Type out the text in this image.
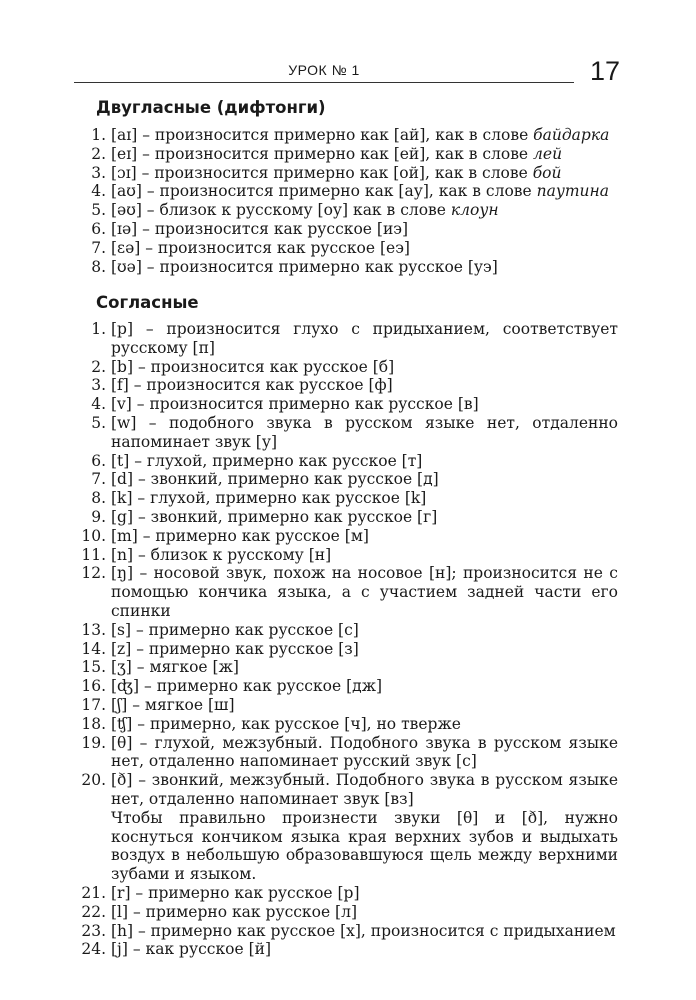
УРОК № 1	17
Двугласные (дифтонги)
1. [aɪ] – произносится примерно как [ай], как в слове байдарка
2. [eɪ] – произносится примерно как [ей], как в слове лей
3. [ɔɪ] – произносится примерно как [ой], как в слове бой
4. [aʊ] – произносится примерно как [ау], как в слове паутина
5. [əʊ] – близок к русскому [оу] как в слове клоун
6. [ɪə] – произносится как русское [иэ]
7. [ɛə] – произносится как русское [еэ]
8. [ʊə] – произносится примерно как русское [уэ]
Согласные
1. [p] – произносится глухо с придыханием, соответствует русскому [п]
2. [b] – произносится как русское [б]
3. [f] – произносится как русское [ф]
4. [v] – произносится примерно как русское [в]
5. [w] – подобного звука в русском языке нет, отдаленно напоминает звук [у]
6. [t] – глухой, примерно как русское [т]
7. [d] – звонкий, примерно как русское [д]
8. [k] – глухой, примерно как русское [k]
9. [g] – звонкий, примерно как русское [г]
10. [m] – примерно как русское [м]
11. [n] – близок к русскому [н]
12. [ŋ] – носовой звук, похож на носовое [н]; произносится не с помощью кончика языка, а с участием задней части его спинки
13. [s] – примерно как русское [с]
14. [z] – примерно как русское [з]
15. [ʒ] – мягкое [ж]
16. [ʤ] – примерно как русское [дж]
17. [ʃ] – мягкое [ш]
18. [ʧ] – примерно, как русское [ч], но тверже
19. [θ] – глухой, межзубный. Подобного звука в русском языке нет, отдаленно напоминает русский звук [с]
20. [ð] – звонкий, межзубный. Подобного звука в русском языке нет, отдаленно напоминает звук [вз]
Чтобы правильно произнести звуки [θ] и [ð], нужно коснуться кончиком языка края верхних зубов и выдыхать воздух в небольшую образовавшуюся щель между верхними зубами и языком.
21. [r] – примерно как русское [р]
22. [l] – примерно как русское [л]
23. [h] – примерно как русское [х], произносится с придыханием
24. [j] – как русское [й]
